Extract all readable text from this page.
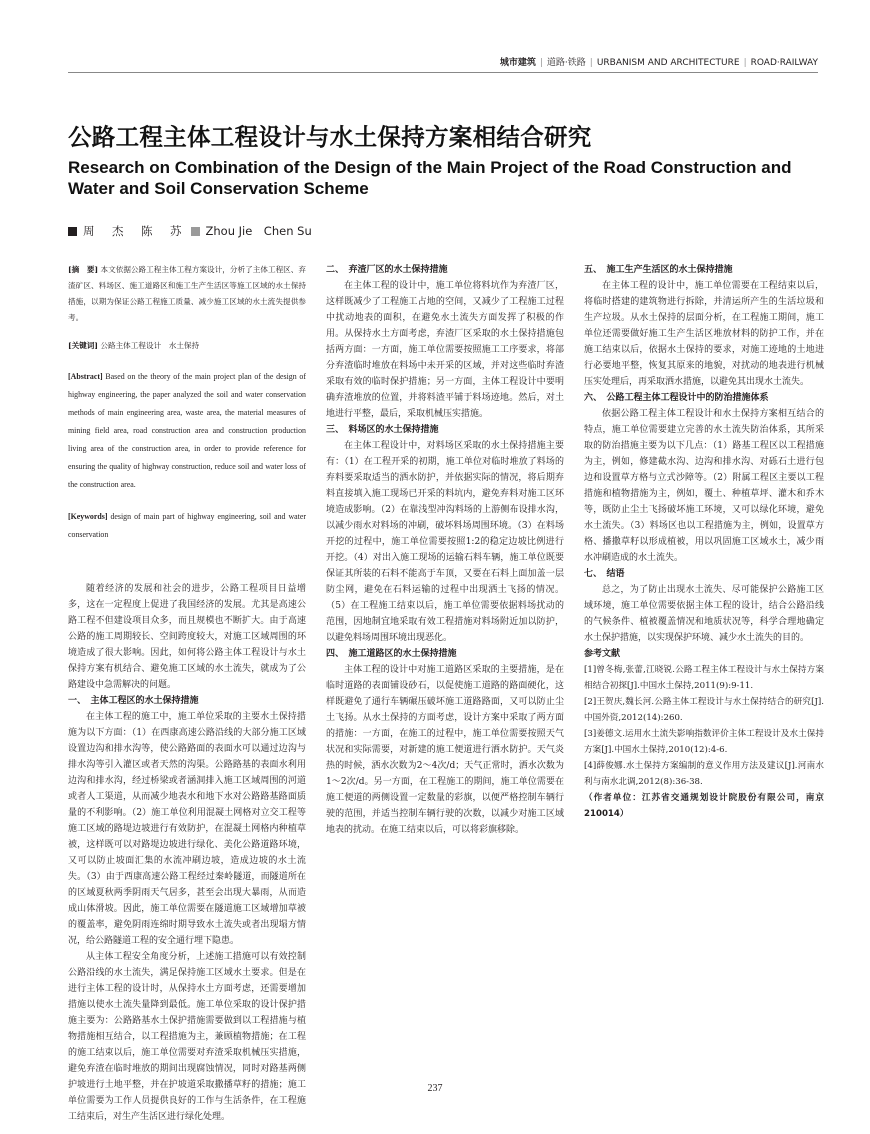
城市建筑 | 道路·铁路 | URBANISM AND ARCHITECTURE | ROAD·RAILWAY
公路工程主体工程设计与水土保持方案相结合研究
Research on Combination of the Design of the Main Project of the Road Construction and Water and Soil Conservation Scheme
周　杰　陈　苏 Zhou Jie　Chen Su
[摘　要] 本文依据公路工程主体工程方案设计，分析了主体工程区、弃渣矿区、料场区、施工道路区和施工生产生活区等施工区域的水土保持措施，以期为保证公路工程施工质量、减少施工区域的水土流失提供参考。
[关键词] 公路主体工程设计　水土保持
[Abstract] Based on the theory of the main project plan of the design of highway engineering, the paper analyzed the soil and water conservation methods of main engineering area, waste area, the material measures of mining field area, road construction area and construction production living area of the construction area, in order to provide reference for ensuring the quality of highway construction, reduce soil and water loss of the construction area.
[Keywords] design of main part of highway engineering, soil and water conservation

随着经济的发展和社会的进步，公路工程项目日益增多，这在一定程度上促进了我国经济的发展。尤其是高速公路工程不但建设项目众多，而且规模也不断扩大。由于高速公路的施工周期较长、空间跨度较大，对施工区域周围的环境造成了很大影响。因此，如何将公路主体工程设计与水土保持方案有机结合、避免施工区域的水土流失，就成为了公路建设中急需解决的问题。

一、　主体工程区的水土保持措施

在主体工程的施工中，施工单位采取的主要水土保持措施为以下方面：（1）在西康高速公路沿线的大部分施工区域设置边沟和排水沟等，使公路路面的表面水可以通过边沟与排水沟等引入灌区或者天然的沟渠。公路路基的表面水利用边沟和排水沟，经过桥梁或者涵洞排入施工区域周围的河道或者人工渠道，从而减少地表水和地下水对公路路基路面质量的不利影响。（2）施工单位利用混凝土网格对立交工程等施工区域的路堤边坡进行有效防护，在混凝土网格内种植草被，这样既可以对路堤边坡进行绿化、美化公路道路环境，又可以防止坡面汇集的水流冲刷边坡，造成边坡的水土流失。（3）由于西康高速公路工程经过秦岭隧道，而隧道所在的区域夏秋两季阴雨天气居多，甚至会出现大暴雨，从而造成山体滑坡。因此，施工单位需要在隧道施工区域增加草被的覆盖率，避免阴雨连绵时期导致水土流失或者出现塌方情况，给公路隧道工程的安全通行埋下隐患。

从主体工程安全角度分析，上述施工措施可以有效控制公路沿线的水土流失，满足保持施工区域水土要求。但是在进行主体工程的设计时，从保持水土方面考虑，还需要增加措施以使水土流失量降到最低。施工单位采取的设计保护措施主要为：公路路基水土保护措施需要做到以工程措施与植物措施相互结合，以工程措施为主，兼顾植物措施；在工程的施工结束以后，施工单位需要对弃渣采取机械压实措施，避免弃渣在临时堆放的期间出现腐蚀情况，同时对路基两侧护坡进行土地平整，并在护坡道采取撒播草籽的措施；施工单位需要为工作人员提供良好的工作与生活条件，在工程施工结束后，对生产生活区进行绿化处理。

二、　弃渣厂区的水土保持措施

在主体工程的设计中，施工单位将料坑作为弃渣厂区，这样既减少了工程施工占地的空间，又减少了工程施工过程中扰动地表的面积，在避免水土流失方面发挥了积极的作用。从保持水土方面考虑，弃渣厂区采取的水土保持措施包括两方面：一方面，施工单位需要按照施工工序要求，将部分弃渣临时堆放在料场中未开采的区域，并对这些临时弃渣采取有效的临时保护措施；另一方面，主体工程设计中要明确弃渣堆放的位置，并将料渣平铺于料场迹地。然后，对土地进行平整，最后，采取机械压实措施。

三、　料场区的水土保持措施

在主体工程设计中，对料场区采取的水土保持措施主要有：（1）在工程开采的初期，施工单位对临时堆放了料场的弃料要采取适当的洒水防护，并依据实际的情况，将后期弃料直接填入施工现场已开采的料坑内，避免弃料对施工区环境造成影响。（2）在靠浅型冲沟料场的上游侧布设排水沟，以减少雨水对料场的冲刷，破坏料场周围环境。（3）在料场开挖的过程中，施工单位需要按照1:2的稳定边坡比例进行开挖。（4）对出入施工现场的运输石料车辆，施工单位既要保证其所装的石料不能高于车顶，又要在石料上面加盖一层防尘网，避免在石料运输的过程中出现洒土飞扬的情况。（5）在工程施工结束以后，施工单位需要依据料场扰动的范围，因地制宜地采取有效工程措施对料场附近加以防护，以避免料场周围环境出现恶化。

四、　施工道路区的水土保持措施

主体工程的设计中对施工道路区采取的主要措施，是在临时道路的表面铺设砂石，以促使施工道路的路面硬化，这样既避免了通行车辆碾压破坏施工道路路面，又可以防止尘土飞扬。从水土保持的方面考虑，设计方案中采取了两方面的措施：一方面，在施工的过程中，施工单位需要按照天气状况和实际需要，对新建的施工便道进行洒水防护。天气炎热的时候，洒水次数为2～4次/d；天气正常时，洒水次数为1～2次/d。另一方面，在工程施工的期间，施工单位需要在施工便道的两侧设置一定数量的彩旗，以便严格控制车辆行驶的范围，并适当控制车辆行驶的次数，以减少对施工区域地表的扰动。在施工结束以后，可以将彩旗移除。

五、　施工生产生活区的水土保持措施

在主体工程的设计中，施工单位需要在工程结束以后，将临时搭建的建筑物进行拆除，并清运所产生的生活垃圾和生产垃圾。从水土保持的层面分析，在工程施工期间，施工单位还需要做好施工生产生活区堆放材料的防护工作，并在施工结束以后，依据水土保持的要求，对施工迹地的土地进行必要地平整，恢复其原来的地貌，对扰动的地表进行机械压实处理后，再采取洒水措施，以避免其出现水土流失。

六、　公路工程主体工程设计中的防治措施体系

依据公路工程主体工程设计和水土保持方案相互结合的特点，施工单位需要建立完善的水土流失防治体系，其所采取的防治措施主要为以下几点：（1）路基工程区以工程措施为主，例如，修建截水沟、边沟和排水沟、对砾石土进行包边和设置草方格与立式沙障等。（2）附属工程区主要以工程措施和植物措施为主，例如，覆土、种植草坪、灌木和乔木等，既防止尘土飞扬破坏施工环境，又可以绿化环境，避免水土流失。（3）料场区也以工程措施为主，例如，设置草方格、播撒草籽以形成植被，用以巩固施工区域水土，减少雨水冲刷造成的水土流失。

七、　结语

总之，为了防止出现水土流失、尽可能保护公路施工区域环境，施工单位需要依据主体工程的设计，结合公路沿线的气候条件、植被覆盖情况和地质状况等，科学合理地确定水土保护措施，以实现保护环境、减少水土流失的目的。

参考文献
[1]曾冬梅,张蕾,江晓锐.公路工程主体工程设计与水土保持方案相结合初探[J].中国水土保持,2011(9):9-11.
[2]王贺庆,魏长河.公路主体工程设计与水土保持结合的研究[J].中国外资,2012(14):260.
[3]姜德文.运用水土流失影响指数评价主体工程设计及水土保持方案[J].中国水土保持,2010(12):4-6.
[4]薛俊娜.水土保持方案编制的意义作用方法及建议[J].河南水利与南水北调,2012(8):36-38.
（作者单位：江苏省交通规划设计院股份有限公司，南京 210014）
237
